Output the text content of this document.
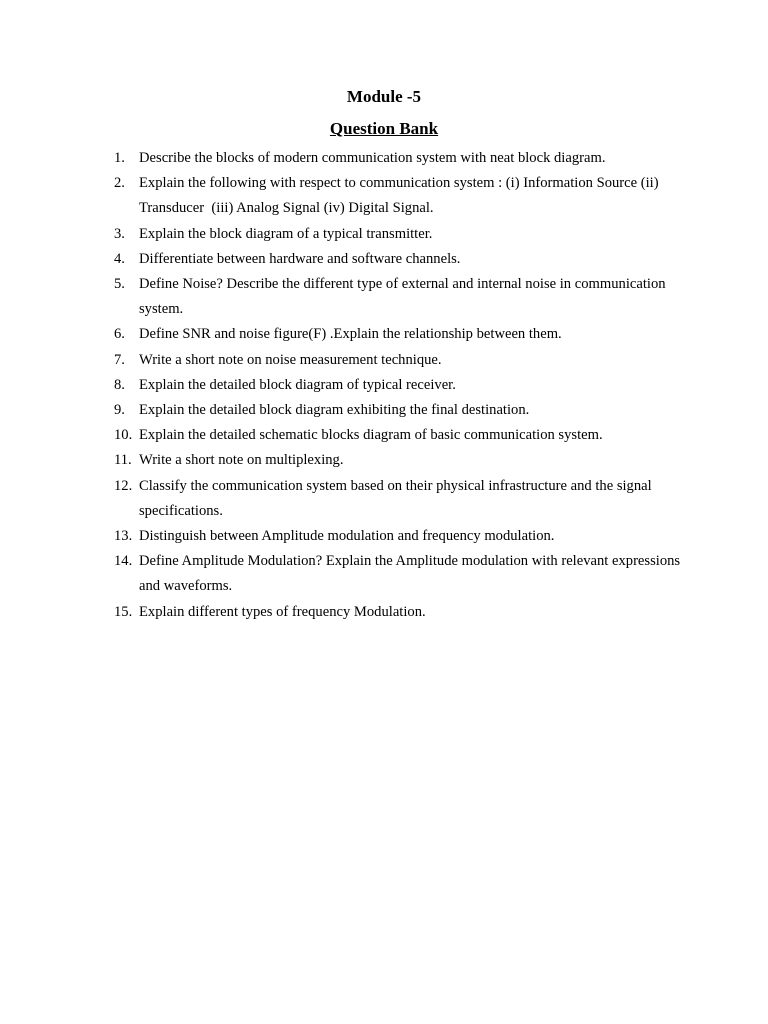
Module -5
Question Bank
1. Describe the blocks of modern communication system with neat block diagram.
2. Explain the following with respect to communication system : (i) Information Source (ii) Transducer  (iii) Analog Signal (iv) Digital Signal.
3. Explain the block diagram of a typical transmitter.
4. Differentiate between hardware and software channels.
5. Define Noise? Describe the different type of external and internal noise in communication system.
6. Define SNR and noise figure(F) .Explain the relationship between them.
7. Write a short note on noise measurement technique.
8. Explain the detailed block diagram of typical receiver.
9. Explain the detailed block diagram exhibiting the final destination.
10. Explain the detailed schematic blocks diagram of basic communication system.
11. Write a short note on multiplexing.
12. Classify the communication system based on their physical infrastructure and the signal specifications.
13. Distinguish between Amplitude modulation and frequency modulation.
14. Define Amplitude Modulation? Explain the Amplitude modulation with relevant expressions and waveforms.
15. Explain different types of frequency Modulation.
